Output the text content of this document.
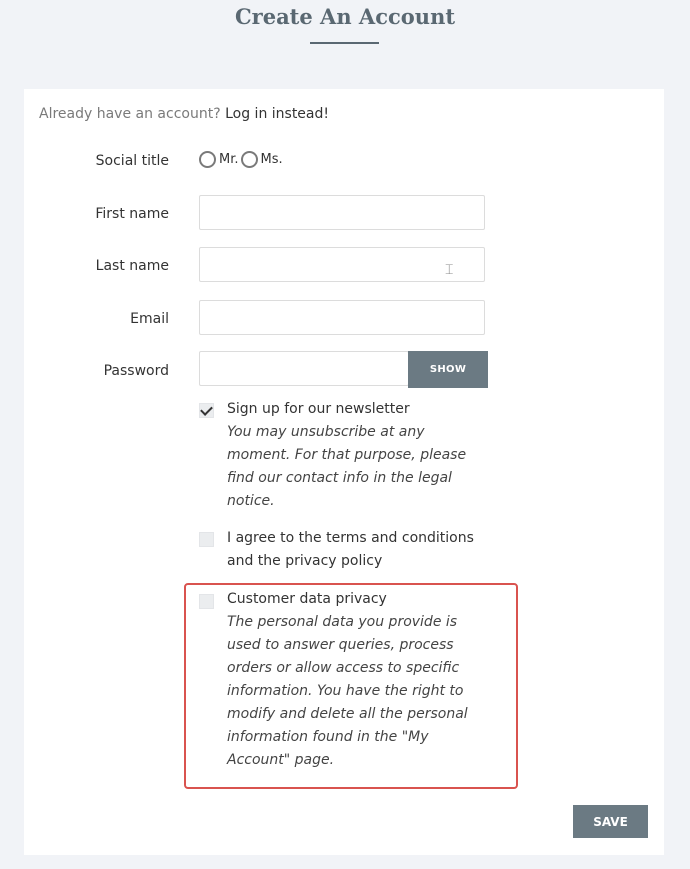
Create An Account
Already have an account? Log in instead!
Social title	Mr. Ms.
First name
Last name	⌶
Email
Password	SHOW
Sign up for our newsletter
You may unsubscribe at any moment. For that purpose, please find our contact info in the legal notice.
I agree to the terms and conditions and the privacy policy
Customer data privacy
The personal data you provide is used to answer queries, process orders or allow access to specific information. You have the right to modify and delete all the personal information found in the "My Account" page.
SAVE
